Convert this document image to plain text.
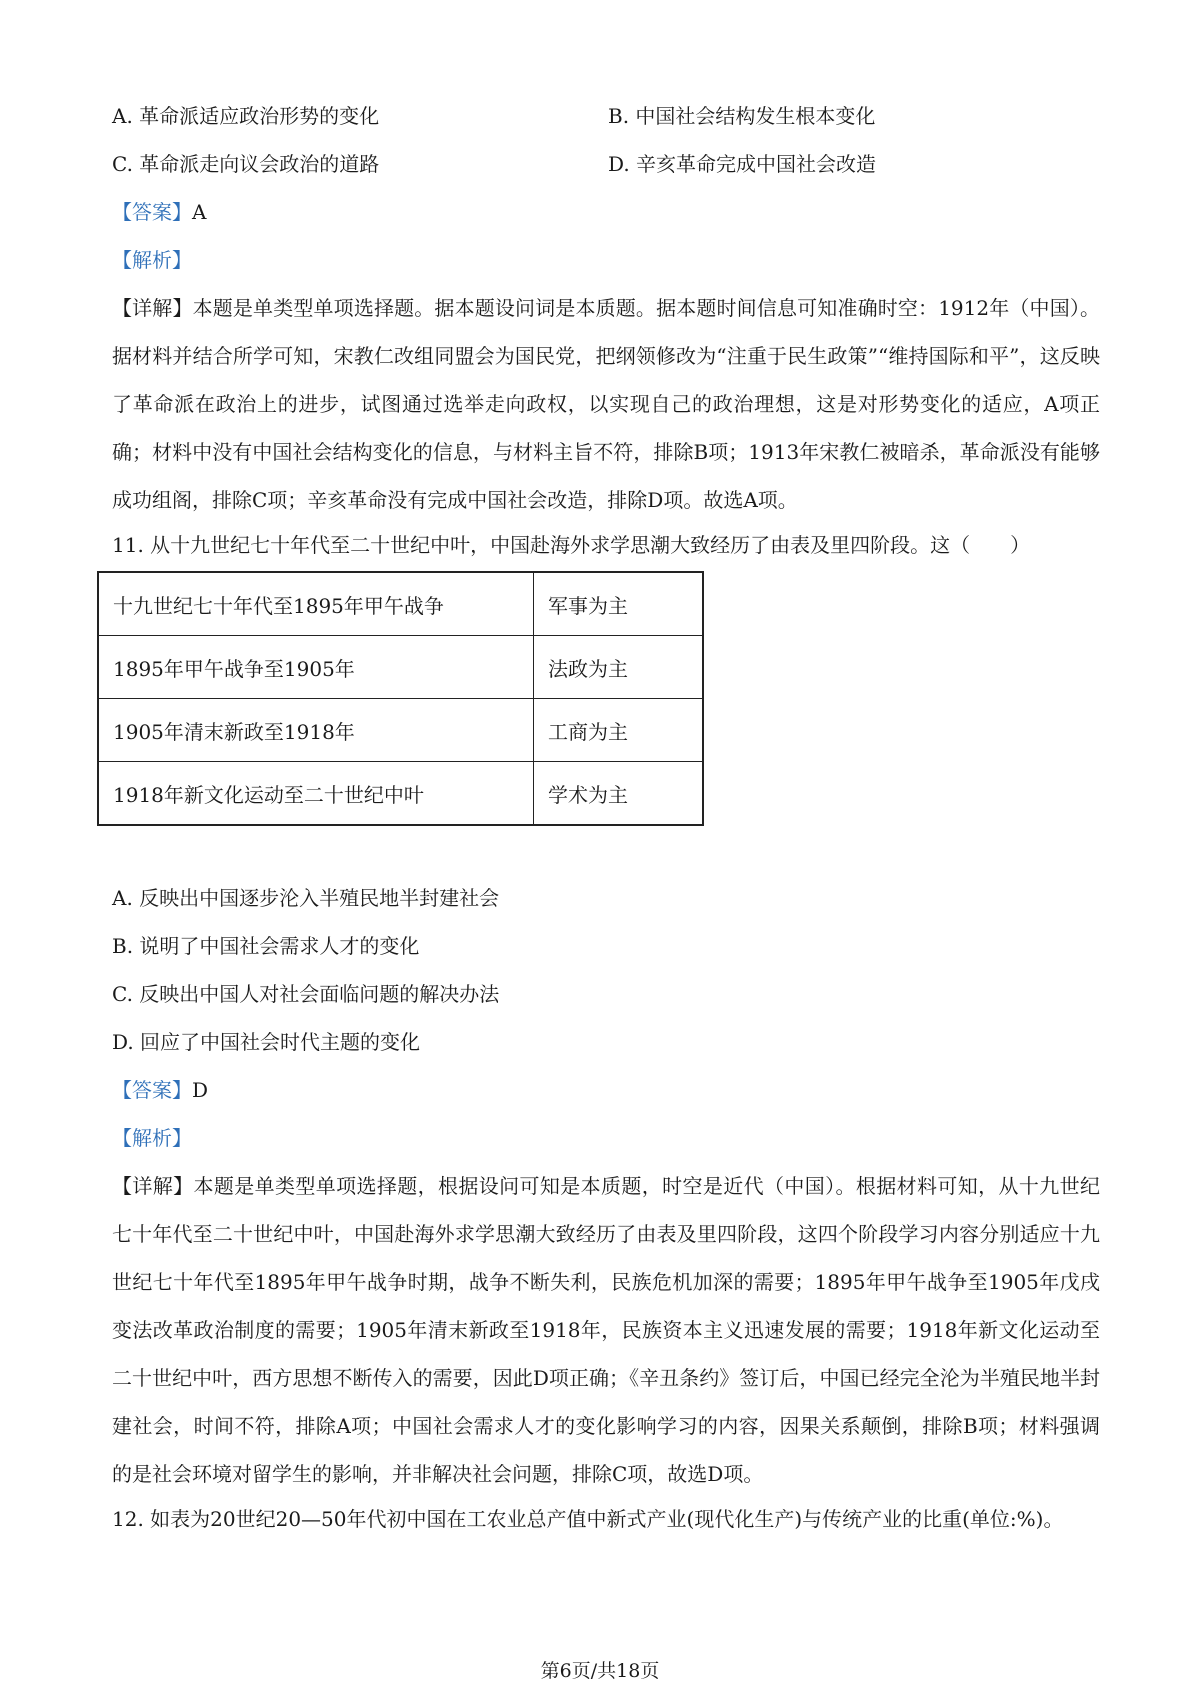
A. 革命派适应政治形势的变化	B. 中国社会结构发生根本变化
C. 革命派走向议会政治的道路	D. 辛亥革命完成中国社会改造
【答案】A
【解析】
【详解】本题是单类型单项选择题。据本题设问词是本质题。据本题时间信息可知准确时空：1912年（中国）。据材料并结合所学可知，宋教仁改组同盟会为国民党，把纲领修改为“注重于民生政策”“维持国际和平”，这反映了革命派在政治上的进步，试图通过选举走向政权，以实现自己的政治理想，这是对形势变化的适应，A项正确；材料中没有中国社会结构变化的信息，与材料主旨不符，排除B项；1913年宋教仁被暗杀，革命派没有能够成功组阁，排除C项；辛亥革命没有完成中国社会改造，排除D项。故选A项。
11. 从十九世纪七十年代至二十世纪中叶，中国赴海外求学思潮大致经历了由表及里四阶段。这（　　）
十九世纪七十年代至1895年甲午战争	军事为主
1895年甲午战争至1905年	法政为主
1905年清末新政至1918年	工商为主
1918年新文化运动至二十世纪中叶	学术为主
A. 反映出中国逐步沦入半殖民地半封建社会
B. 说明了中国社会需求人才的变化
C. 反映出中国人对社会面临问题的解决办法
D. 回应了中国社会时代主题的变化
【答案】D
【解析】
【详解】本题是单类型单项选择题，根据设问可知是本质题，时空是近代（中国）。根据材料可知，从十九世纪七十年代至二十世纪中叶，中国赴海外求学思潮大致经历了由表及里四阶段，这四个阶段学习内容分别适应十九世纪七十年代至1895年甲午战争时期，战争不断失利，民族危机加深的需要；1895年甲午战争至1905年戊戌变法改革政治制度的需要；1905年清末新政至1918年，民族资本主义迅速发展的需要；1918年新文化运动至二十世纪中叶，西方思想不断传入的需要，因此D项正确；《辛丑条约》签订后，中国已经完全沦为半殖民地半封建社会，时间不符，排除A项；中国社会需求人才的变化影响学习的内容，因果关系颠倒，排除B项；材料强调的是社会环境对留学生的影响，并非解决社会问题，排除C项，故选D项。
12. 如表为20世纪20—50年代初中国在工农业总产值中新式产业(现代化生产)与传统产业的比重(单位:%)。
第6页/共18页
